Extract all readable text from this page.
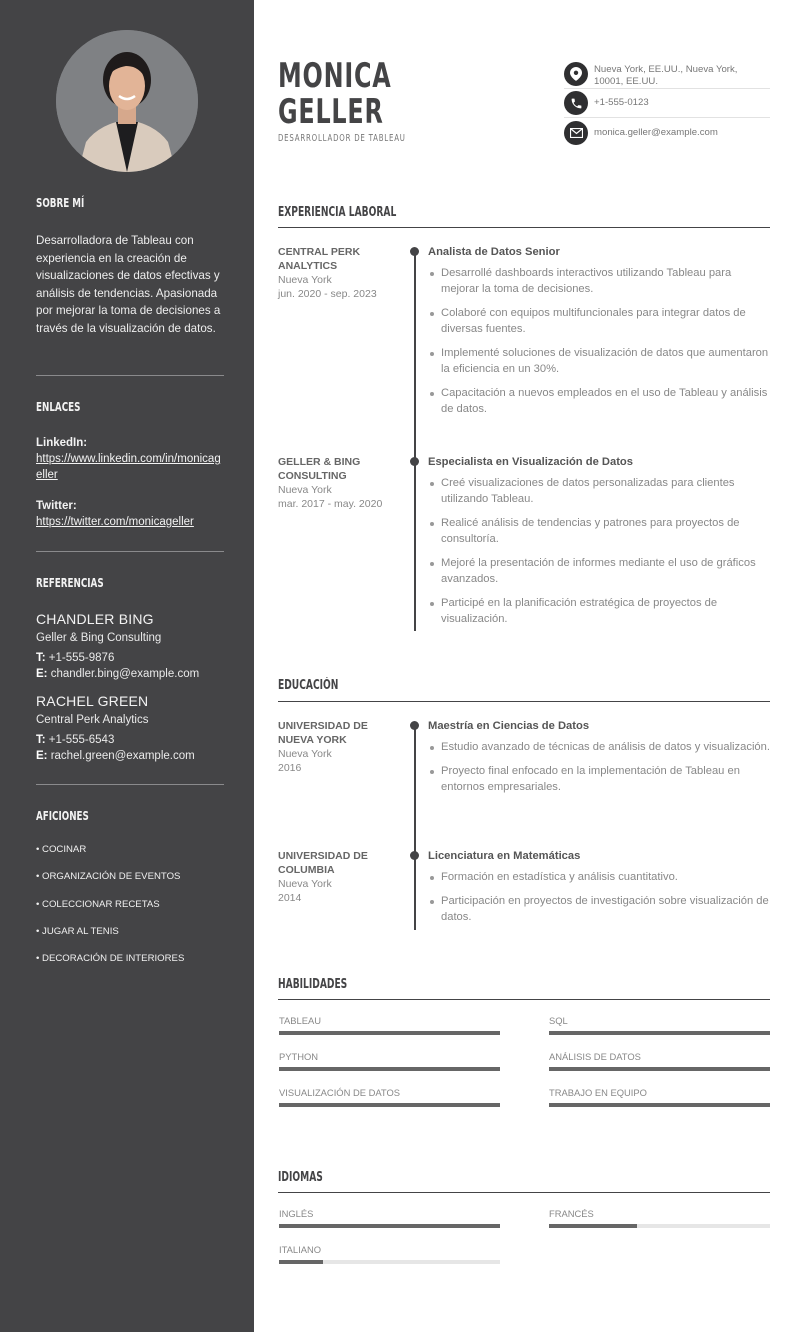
SOBRE MÍ

Desarrolladora de Tableau con experiencia en la creación de visualizaciones de datos efectivas y análisis de tendencias. Apasionada por mejorar la toma de decisiones a través de la visualización de datos.

ENLACES
LinkedIn:
https://www.linkedin.com/in/monicageller
Twitter:
https://twitter.com/monicageller
REFERENCIAS
CHANDLER BING
Geller & Bing Consulting
T: +1-555-9876
E: chandler.bing@example.com
RACHEL GREEN
Central Perk Analytics
T: +1-555-6543
E: rachel.green@example.com
AFICIONES
• COCINAR
• ORGANIZACIÓN DE EVENTOS
• COLECCIONAR RECETAS
• JUGAR AL TENIS
• DECORACIÓN DE INTERIORES
MONICA
GELLER
DESARROLLADOR DE TABLEAU
Nueva York, EE.UU., Nueva York,
10001, EE.UU.
+1-555-0123
monica.geller@example.com
EXPERIENCIA LABORAL
CENTRAL PERK
ANALYTICS
Nueva York
jun. 2020 - sep. 2023
Analista de Datos Senior
Desarrollé dashboards interactivos utilizando Tableau para mejorar la toma de decisiones.
Colaboré con equipos multifuncionales para integrar datos de diversas fuentes.
Implementé soluciones de visualización de datos que aumentaron la eficiencia en un 30%.
Capacitación a nuevos empleados en el uso de Tableau y análisis de datos.
GELLER & BING
CONSULTING
Nueva York
mar. 2017 - may. 2020
Especialista en Visualización de Datos
Creé visualizaciones de datos personalizadas para clientes utilizando Tableau.
Realicé análisis de tendencias y patrones para proyectos de consultoría.
Mejoré la presentación de informes mediante el uso de gráficos avanzados.
Participé en la planificación estratégica de proyectos de visualización.
EDUCACIÓN
UNIVERSIDAD DE
NUEVA YORK
Nueva York
2016
Maestría en Ciencias de Datos
Estudio avanzado de técnicas de análisis de datos y visualización.
Proyecto final enfocado en la implementación de Tableau en entornos empresariales.
UNIVERSIDAD DE
COLUMBIA
Nueva York
2014
Licenciatura en Matemáticas
Formación en estadística y análisis cuantitativo.
Participación en proyectos de investigación sobre visualización de datos.
HABILIDADES
TABLEAU	SQL
PYTHON	ANÁLISIS DE DATOS
VISUALIZACIÓN DE DATOS	TRABAJO EN EQUIPO
IDIOMAS
INGLÉS	FRANCÉS
ITALIANO
